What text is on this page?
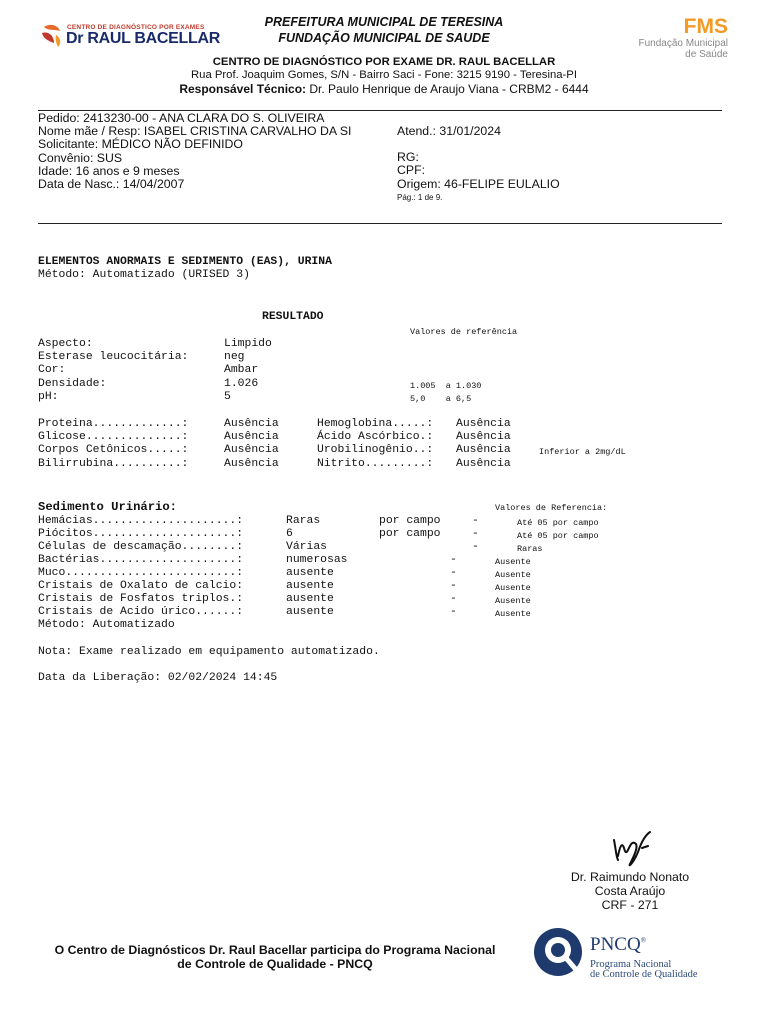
CENTRO DE DIAGNÓSTICO POR EXAMES
Dr RAUL BACELLAR
PREFEITURA MUNICIPAL DE TERESINA
FUNDAÇÃO MUNICIPAL DE SAUDE
CENTRO DE DIAGNÓSTICO POR EXAME DR. RAUL BACELLAR
Rua Prof. Joaquim Gomes, S/N - Bairro Saci - Fone: 3215 9190 - Teresina-PI
Responsável Técnico: Dr. Paulo Henrique de Araujo Viana - CRBM2 - 6444
FMS
Fundação Municipal
de Saúde
Pedido: 2413230-00 - ANA CLARA DO S. OLIVEIRA
Nome mãe / Resp: ISABEL CRISTINA CARVALHO DA SI
Solicitante: MÉDICO NÃO DEFINIDO
Convênio: SUS
Idade: 16 anos e 9 meses
Data de Nasc.: 14/04/2007
Atend.: 31/01/2024
RG:
CPF:
Origem: 46-FELIPE EULALIO
Pág.: 1 de 9.
ELEMENTOS ANORMAIS E SEDIMENTO (EAS), URINA
Método: Automatizado (URISED 3)
RESULTADO
Valores de referência
Aspecto:	Limpido
Esterase leucocitária:	neg
Cor:	Ambar
Densidade:	1.026	1.005  a 1.030
pH:	5	5,0    a 6,5
Proteina.............:	Ausência	Hemoglobina.....: Ausência
Glicose..............:	Ausência	Ácido Ascórbico.: Ausência
Corpos Cetônicos.....:	Ausência	Urobilinogênio..: Ausência	Inferior a 2mg/dL
Bilirrubina..........:	Ausência	Nitrito.........: Ausência
Sedimento Urinário:	Valores de Referencia:
Hemácias.....................:	Raras	por campo	-	Até 05 por campo
Piócitos.....................:	6	por campo	-	Até 05 por campo
Células de descamação........:	Várias	-	Raras
Bactérias....................:	numerosas	-	Ausente
Muco.........................:	ausente	-	Ausente
Cristais de Oxalato de calcio:	ausente	-	Ausente
Cristais de Fosfatos triplos.:	ausente	-	Ausente
Cristais de Acido úrico......:	ausente	-	Ausente
Método: Automatizado
Nota: Exame realizado em equipamento automatizado.
Data da Liberação: 02/02/2024 14:45
Dr. Raimundo Nonato
Costa Araújo
CRF - 271
O Centro de Diagnósticos Dr. Raul Bacellar participa do Programa Nacional
de Controle de Qualidade - PNCQ
PNCQ®
Programa Nacional
de Controle de Qualidade
